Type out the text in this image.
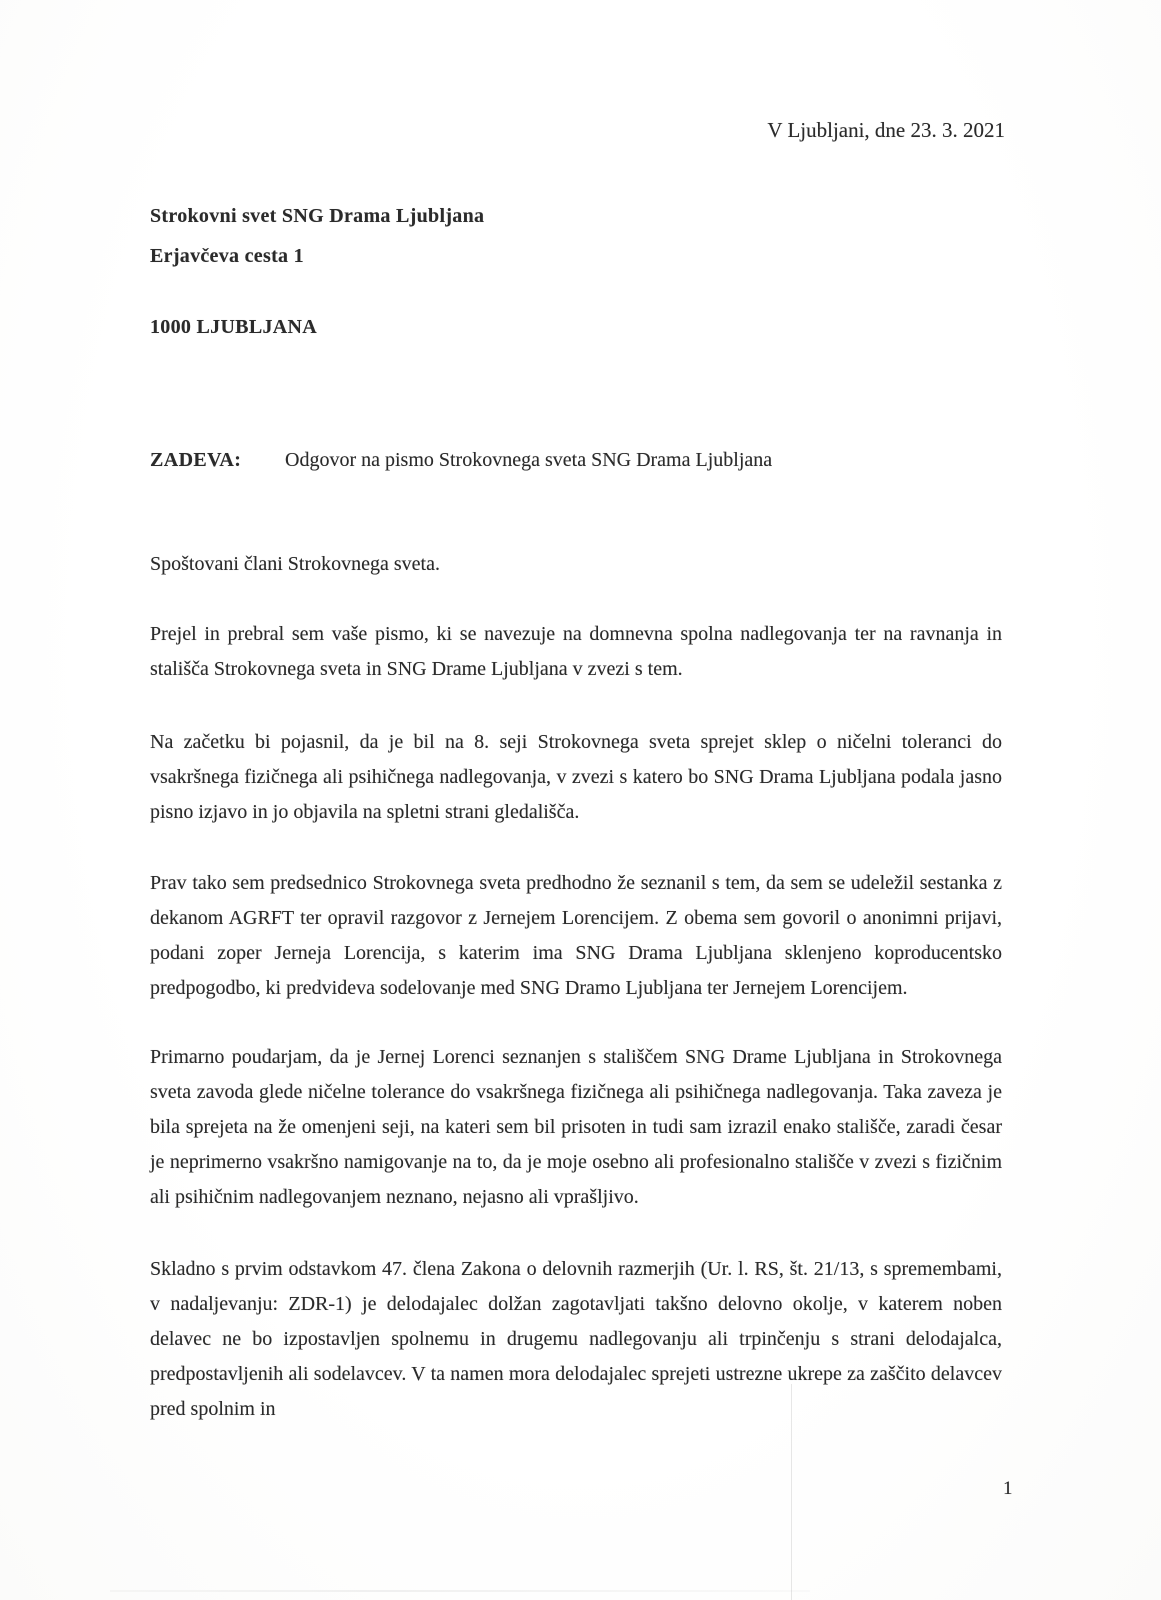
V Ljubljani, dne 23. 3. 2021
Strokovni svet SNG Drama Ljubljana
Erjavčeva cesta 1
1000 LJUBLJANA
ZADEVA: Odgovor na pismo Strokovnega sveta SNG Drama Ljubljana
Spoštovani člani Strokovnega sveta.

Prejel in prebral sem vaše pismo, ki se navezuje na domnevna spolna nadlegovanja ter na ravnanja in stališča Strokovnega sveta in SNG Drame Ljubljana v zvezi s tem.

Na začetku bi pojasnil, da je bil na 8. seji Strokovnega sveta sprejet sklep o ničelni toleranci do vsakršnega fizičnega ali psihičnega nadlegovanja, v zvezi s katero bo SNG Drama Ljubljana podala jasno pisno izjavo in jo objavila na spletni strani gledališča.

Prav tako sem predsednico Strokovnega sveta predhodno že seznanil s tem, da sem se udeležil sestanka z dekanom AGRFT ter opravil razgovor z Jernejem Lorencijem. Z obema sem govoril o anonimni prijavi, podani zoper Jerneja Lorencija, s katerim ima SNG Drama Ljubljana sklenjeno koproducentsko predpogodbo, ki predvideva sodelovanje med SNG Dramo Ljubljana ter Jernejem Lorencijem.

Primarno poudarjam, da je Jernej Lorenci seznanjen s stališčem SNG Drame Ljubljana in Strokovnega sveta zavoda glede ničelne tolerance do vsakršnega fizičnega ali psihičnega nadlegovanja. Taka zaveza je bila sprejeta na že omenjeni seji, na kateri sem bil prisoten in tudi sam izrazil enako stališče, zaradi česar je neprimerno vsakršno namigovanje na to, da je moje osebno ali profesionalno stališče v zvezi s fizičnim ali psihičnim nadlegovanjem neznano, nejasno ali vprašljivo.

Skladno s prvim odstavkom 47. člena Zakona o delovnih razmerjih (Ur. l. RS, št. 21/13, s spremembami, v nadaljevanju: ZDR-1) je delodajalec dolžan zagotavljati takšno delovno okolje, v katerem noben delavec ne bo izpostavljen spolnemu in drugemu nadlegovanju ali trpinčenju s strani delodajalca, predpostavljenih ali sodelavcev. V ta namen mora delodajalec sprejeti ustrezne ukrepe za zaščito delavcev pred spolnim in

1
